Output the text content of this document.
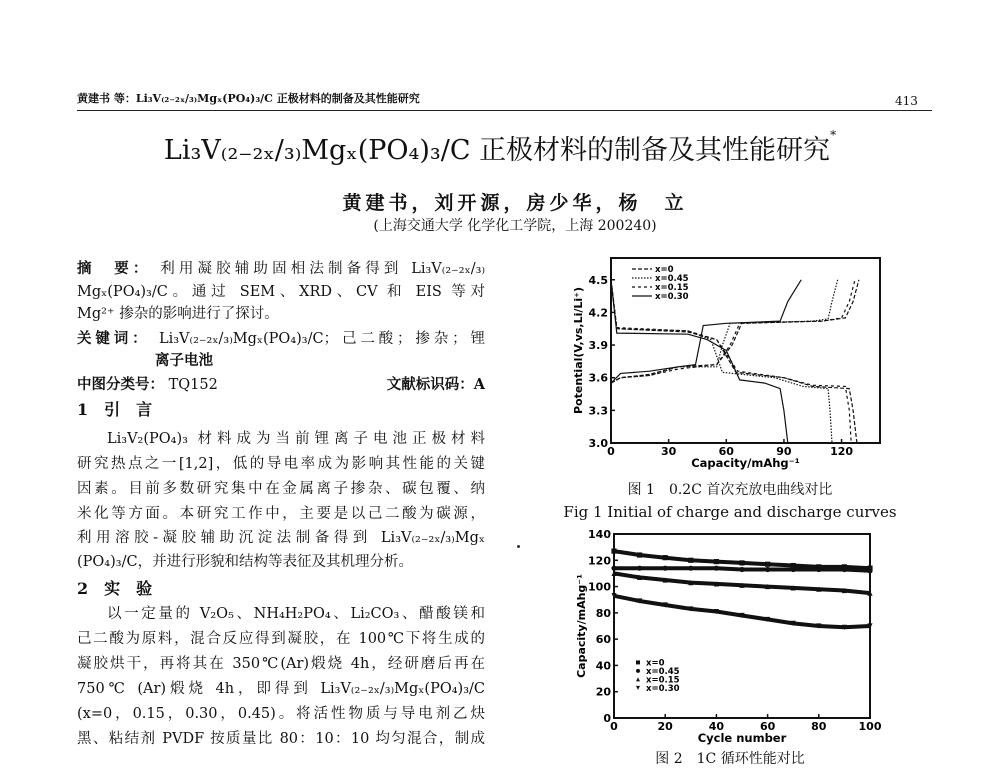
黄建书 等：Li₃V₍₂₋₂ₓ/₃₎Mgₓ(PO₄)₃/C 正极材料的制备及其性能研究	413
Li₃V₍₂₋₂ₓ/₃₎Mgₓ(PO₄)₃/C 正极材料的制备及其性能研究*
黄建书，刘开源，房少华，杨　立
(上海交通大学 化学化工学院，上海 200240)
摘　要： 利用凝胶辅助固相法制备得到 Li₃V₍₂₋₂ₓ/₃₎
Mgₓ(PO₄)₃/C。通过 SEM、XRD、CV 和 EIS 等对
Mg²⁺ 掺杂的影响进行了探讨。
关键词： Li₃V₍₂₋₂ₓ/₃₎Mgₓ(PO₄)₃/C；己二酸；掺杂；锂
离子电池
中图分类号： TQ152	文献标识码：A
1　引　言
Li₃V₂(PO₄)₃ 材料成为当前锂离子电池正极材料
研究热点之一[1,2]，低的导电率成为影响其性能的关键
因素。目前多数研究集中在金属离子掺杂、碳包覆、纳
米化等方面。本研究工作中，主要是以己二酸为碳源，
利用溶胶-凝胶辅助沉淀法制备得到 Li₃V₍₂₋₂ₓ/₃₎Mgₓ
(PO₄)₃/C，并进行形貌和结构等表征及其机理分析。
2　实　验
以一定量的 V₂O₅、NH₄H₂PO₄、Li₂CO₃、醋酸镁和
己二酸为原料，混合反应得到凝胶，在 100℃下将生成的
凝胶烘干，再将其在 350℃(Ar)煅烧 4h，经研磨后再在
750℃ (Ar)煅烧 4h，即得到 Li₃V₍₂₋₂ₓ/₃₎Mgₓ(PO₄)₃/C
(x=0，0.15，0.30，0.45)。将活性物质与导电剂乙炔
黑、粘结剂 PVDF 按质量比 80：10：10 均匀混合，制成
0	30	60	90	120
3.0
3.3
3.6
3.9
4.2
4.5
Capacity/mAhg⁻¹
Potential(V,vs,Li/Li⁺)
x=0
x=0.45
x=0.15
x=0.30
图 1　0.2C 首次充放电曲线对比
Fig 1 Initial of charge and discharge curves
0	20	40	60	80	100
0
20
40
60
80
100
120
140
Cycle number
Capacity/mAhg⁻¹	x=0
x=0.45
x=0.15
x=0.30
图 2　1C 循环性能对比
